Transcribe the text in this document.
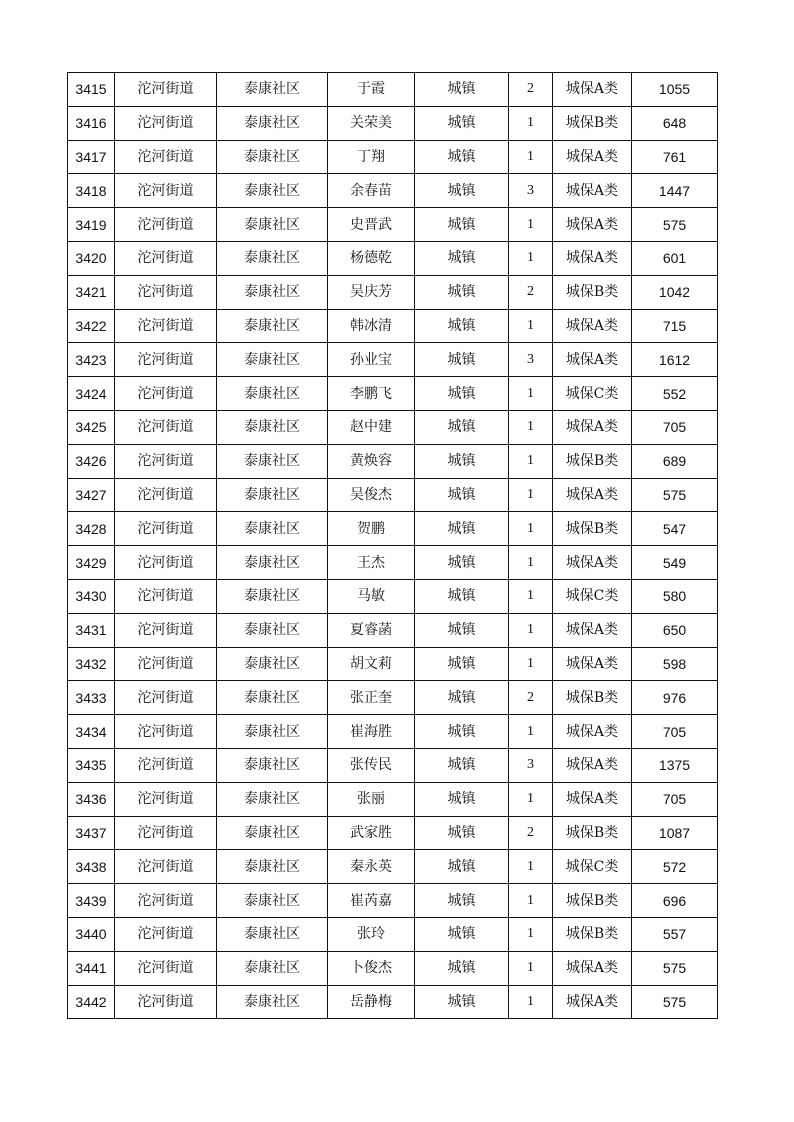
3415	沱河街道	泰康社区	于霞	城镇	2	城保A类	1055
3416	沱河街道	泰康社区	关荣美	城镇	1	城保B类	648
3417	沱河街道	泰康社区	丁翔	城镇	1	城保A类	761
3418	沱河街道	泰康社区	余春苗	城镇	3	城保A类	1447
3419	沱河街道	泰康社区	史晋武	城镇	1	城保A类	575
3420	沱河街道	泰康社区	杨德乾	城镇	1	城保A类	601
3421	沱河街道	泰康社区	吴庆芳	城镇	2	城保B类	1042
3422	沱河街道	泰康社区	韩冰清	城镇	1	城保A类	715
3423	沱河街道	泰康社区	孙业宝	城镇	3	城保A类	1612
3424	沱河街道	泰康社区	李鹏飞	城镇	1	城保C类	552
3425	沱河街道	泰康社区	赵中建	城镇	1	城保A类	705
3426	沱河街道	泰康社区	黄焕容	城镇	1	城保B类	689
3427	沱河街道	泰康社区	吴俊杰	城镇	1	城保A类	575
3428	沱河街道	泰康社区	贺鹏	城镇	1	城保B类	547
3429	沱河街道	泰康社区	王杰	城镇	1	城保A类	549
3430	沱河街道	泰康社区	马敏	城镇	1	城保C类	580
3431	沱河街道	泰康社区	夏睿菡	城镇	1	城保A类	650
3432	沱河街道	泰康社区	胡文莉	城镇	1	城保A类	598
3433	沱河街道	泰康社区	张正奎	城镇	2	城保B类	976
3434	沱河街道	泰康社区	崔海胜	城镇	1	城保A类	705
3435	沱河街道	泰康社区	张传民	城镇	3	城保A类	1375
3436	沱河街道	泰康社区	张丽	城镇	1	城保A类	705
3437	沱河街道	泰康社区	武家胜	城镇	2	城保B类	1087
3438	沱河街道	泰康社区	秦永英	城镇	1	城保C类	572
3439	沱河街道	泰康社区	崔芮嘉	城镇	1	城保B类	696
3440	沱河街道	泰康社区	张玲	城镇	1	城保B类	557
3441	沱河街道	泰康社区	卜俊杰	城镇	1	城保A类	575
3442	沱河街道	泰康社区	岳静梅	城镇	1	城保A类	575
